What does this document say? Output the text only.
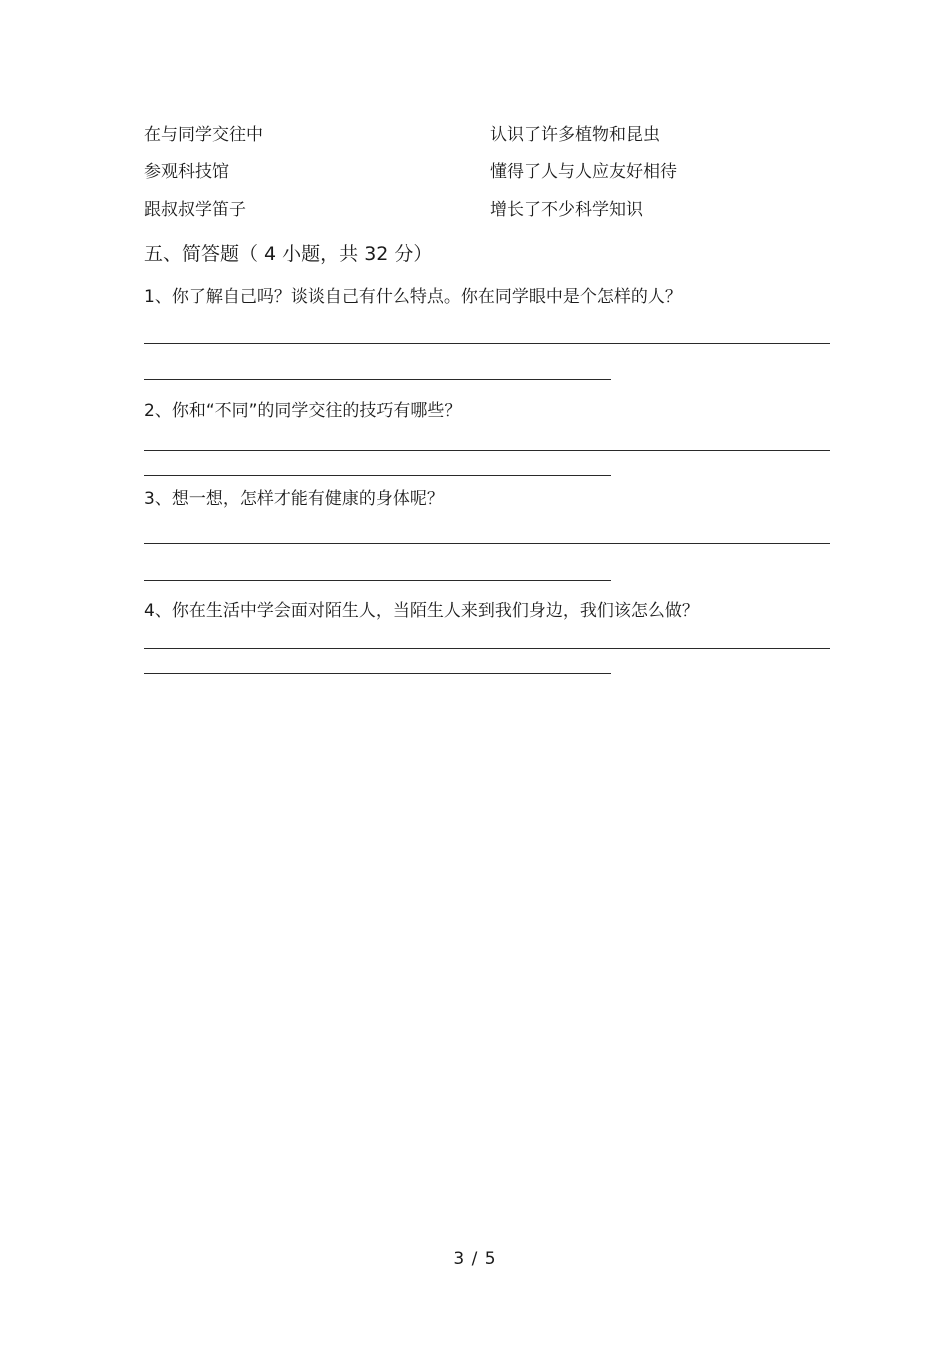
在与同学交往中
参观科技馆
跟叔叔学笛子
认识了许多植物和昆虫
懂得了人与人应友好相待
增长了不少科学知识
五、简答题（ 4 小题，共 32 分）
1、你了解自己吗？谈谈自己有什么特点。你在同学眼中是个怎样的人？
2、你和“不同”的同学交往的技巧有哪些？
3、想一想，怎样才能有健康的身体呢？
4、你在生活中学会面对陌生人，当陌生人来到我们身边，我们该怎么做？
3 / 5
